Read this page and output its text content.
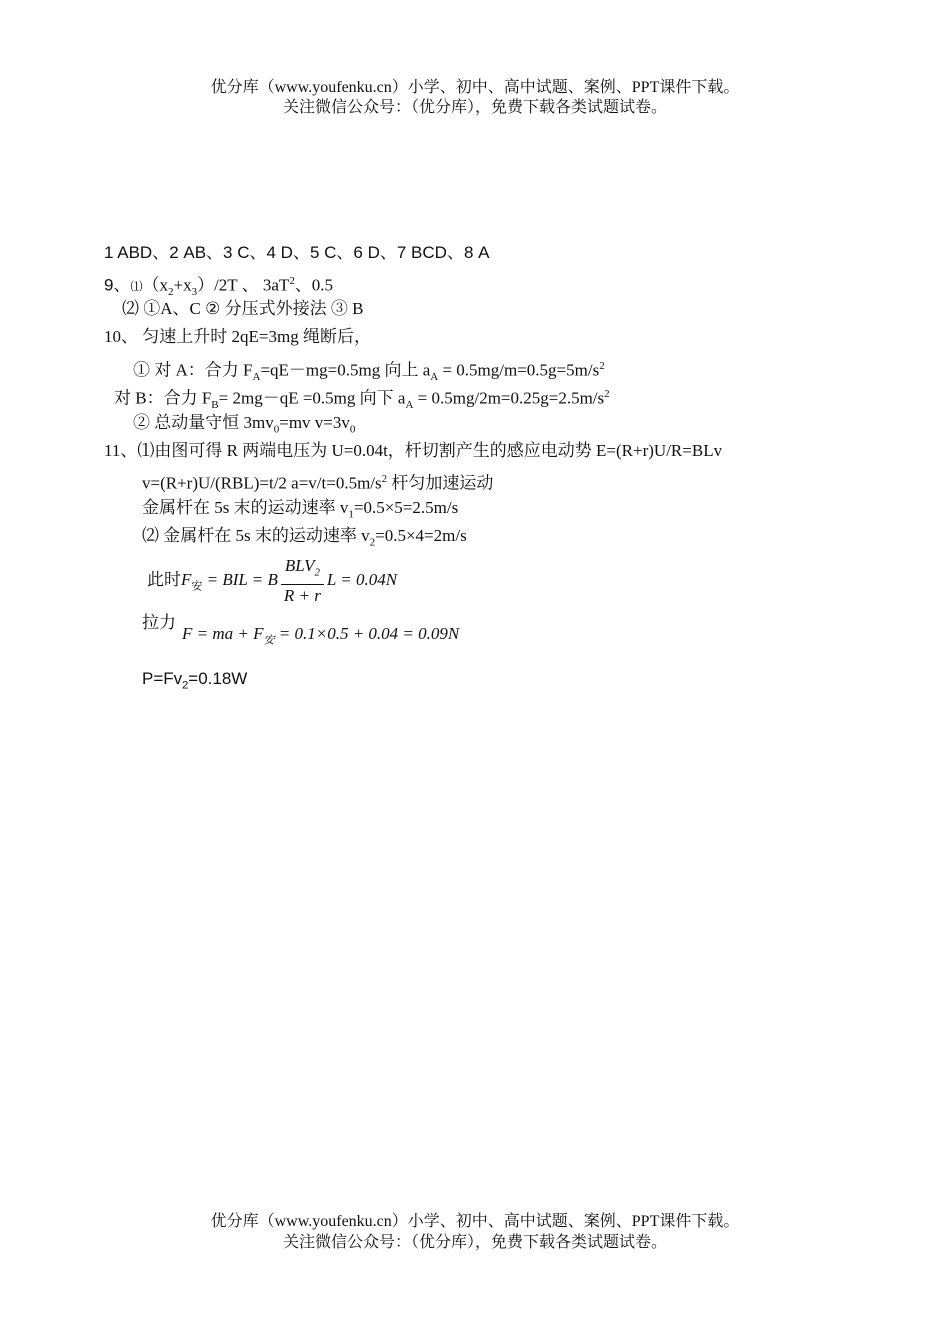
优分库（www.youfenku.cn）小学、初中、高中试题、案例、PPT课件下载。
关注微信公众号：（优分库），免费下载各类试题试卷。
1 ABD、2 AB、3 C、4 D、5 C、6 D、7 BCD、8 A
9、$⑴(x_2+x_3)/2T$ 、 $3aT^2$、0.5
⑵ ①A、C ② 分压式外接法 ③ B
10、 匀速上升时 2qE=3mg 绳断后，
① 对 A：合力 $F_A=qE-mg=0.5mg$ 向上 $a_A = 0.5mg/m=0.5g=5m/s^2$
对 B：合力 $F_B= 2mg-qE =0.5mg$ 向下 $a_A = 0.5mg/2m=0.25g=2.5m/s^2$
② 总动量守恒 $3mv_0=mv$ $v=3v_0$
11、⑴由图可得 R 两端电压为 U=0.04t，杆切割产生的感应电动势 E=(R+r)U/R=BLv
v=(R+r)U/(RBL)=t/2 $a=v/t=0.5m/s^2$ 杆匀加速运动
金属杆在 5s 末的运动速率 $v_1=0.5\times 5=2.5m/s$
⑵ 金属杆在 5s 末的运动速率 $v_2=0.5\times 4=2m/s$
此时$F_安$ = BIL = B $\frac{BLV_2}{R + r}$ L = 0.04N
拉力
F = ma + $F_安 = 0.1\times 0.5 + 0.04 = 0.09N$
$P=Fv_2=0.18W$
优分库（www.youfenku.cn）小学、初中、高中试题、案例、PPT课件下载。
关注微信公众号：（优分库），免费下载各类试题试卷。
